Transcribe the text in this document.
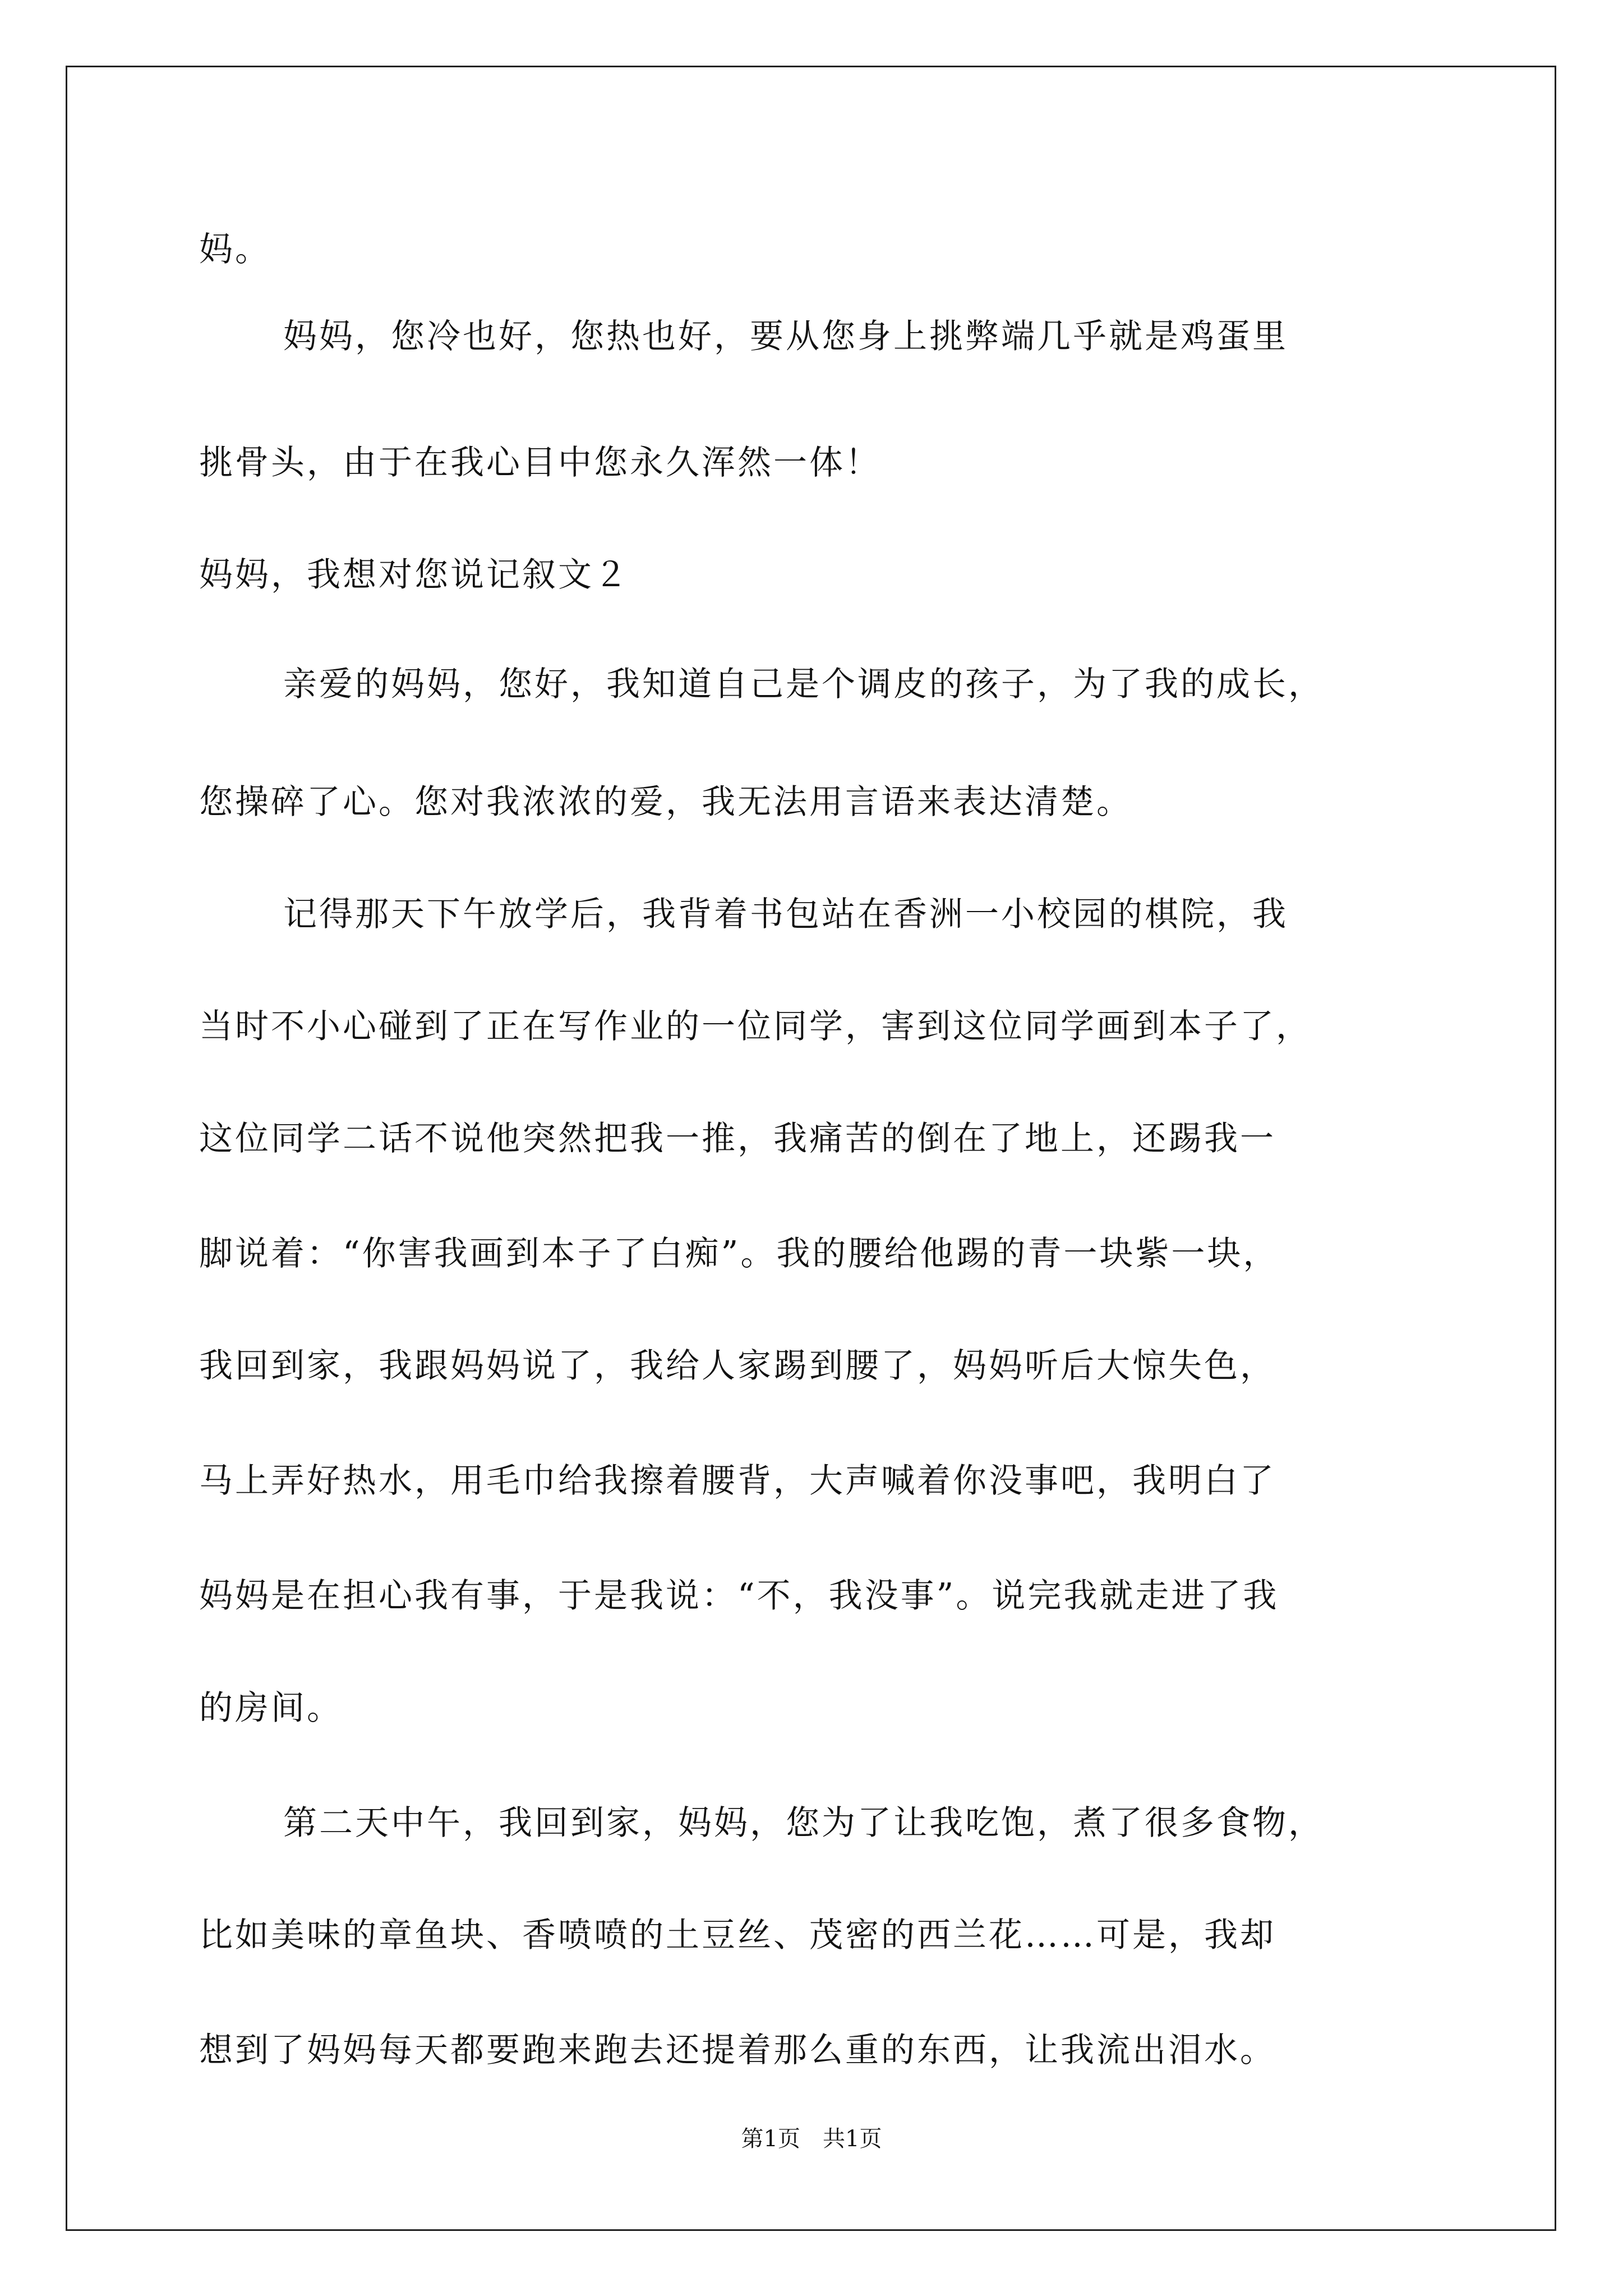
妈。
妈妈，您冷也好，您热也好，要从您身上挑弊端几乎就是鸡蛋里
挑骨头，由于在我心目中您永久浑然一体！
妈妈，我想对您说记叙文２
亲爱的妈妈，您好，我知道自己是个调皮的孩子，为了我的成长，
您操碎了心。您对我浓浓的爱，我无法用言语来表达清楚。
记得那天下午放学后，我背着书包站在香洲一小校园的棋院，我
当时不小心碰到了正在写作业的一位同学，害到这位同学画到本子了，
这位同学二话不说他突然把我一推，我痛苦的倒在了地上，还踢我一
脚说着：“你害我画到本子了白痴”。我的腰给他踢的青一块紫一块，
我回到家，我跟妈妈说了，我给人家踢到腰了，妈妈听后大惊失色，
马上弄好热水，用毛巾给我擦着腰背，大声喊着你没事吧，我明白了
妈妈是在担心我有事，于是我说：“不，我没事”。说完我就走进了我
的房间。
第二天中午，我回到家，妈妈，您为了让我吃饱，煮了很多食物，
比如美味的章鱼块、香喷喷的土豆丝、茂密的西兰花……可是，我却
想到了妈妈每天都要跑来跑去还提着那么重的东西，让我流出泪水。
第1页　共1页
